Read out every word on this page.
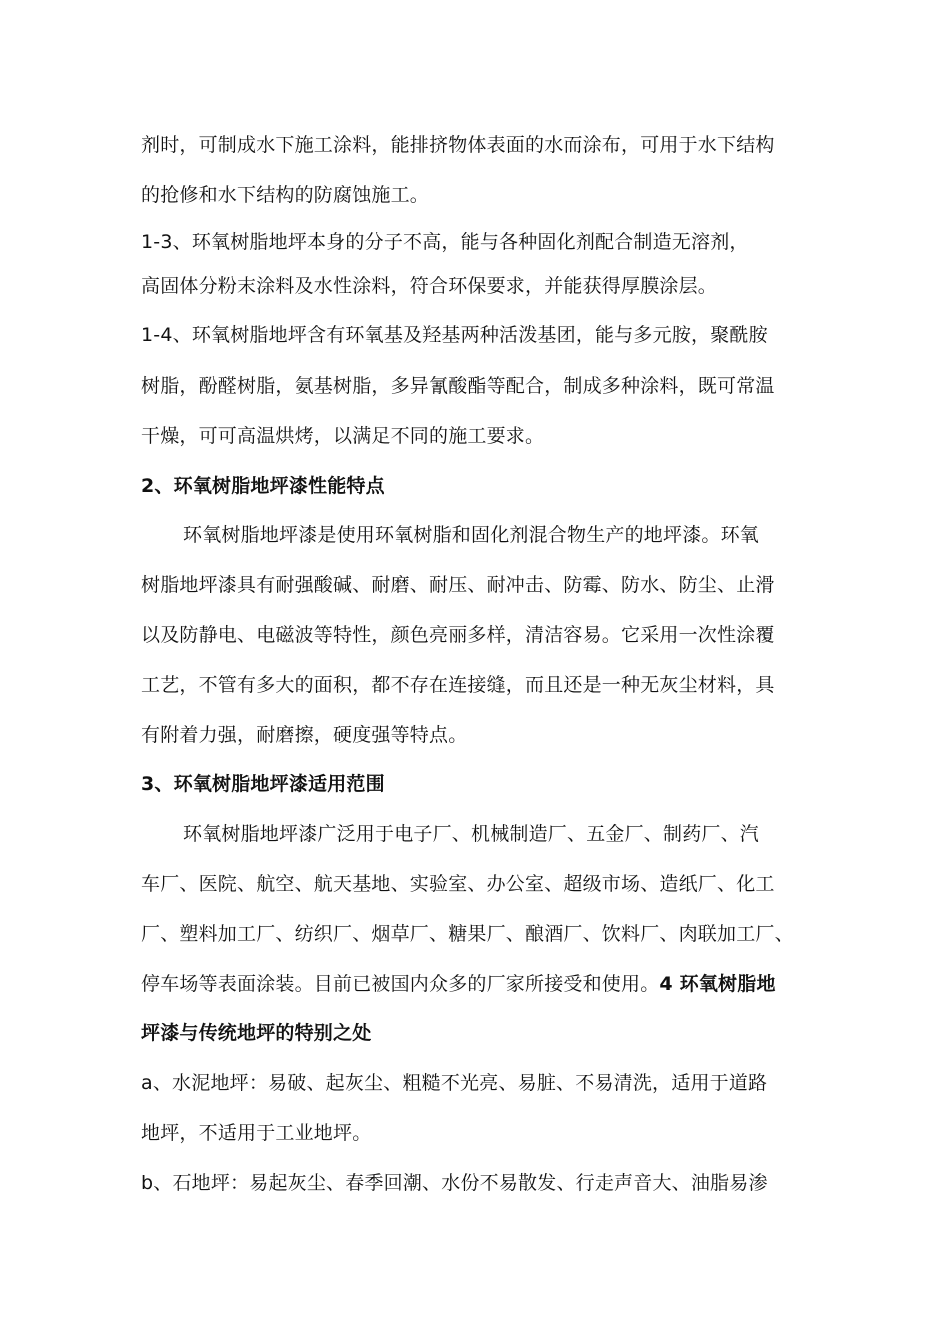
剂时，可制成水下施工涂料，能排挤物体表面的水而涂布，可用于水下结构
的抢修和水下结构的防腐蚀施工。
1-3、环氧树脂地坪本身的分子不高，能与各种固化剂配合制造无溶剂，
高固体分粉末涂料及水性涂料，符合环保要求，并能获得厚膜涂层。
1-4、环氧树脂地坪含有环氧基及羟基两种活泼基团，能与多元胺，聚酰胺
树脂，酚醛树脂，氨基树脂，多异氰酸酯等配合，制成多种涂料，既可常温
干燥，可可高温烘烤，以满足不同的施工要求。
2、环氧树脂地坪漆性能特点
环氧树脂地坪漆是使用环氧树脂和固化剂混合物生产的地坪漆。环氧
树脂地坪漆具有耐强酸碱、耐磨、耐压、耐冲击、防霉、防水、防尘、止滑
以及防静电、电磁波等特性，颜色亮丽多样，清洁容易。它采用一次性涂覆
工艺，不管有多大的面积，都不存在连接缝，而且还是一种无灰尘材料，具
有附着力强，耐磨擦，硬度强等特点。
3、环氧树脂地坪漆适用范围
环氧树脂地坪漆广泛用于电子厂、机械制造厂、五金厂、制药厂、汽
车厂、医院、航空、航天基地、实验室、办公室、超级市场、造纸厂、化工
厂、塑料加工厂、纺织厂、烟草厂、糖果厂、酿酒厂、饮料厂、肉联加工厂、
停车场等表面涂装。目前已被国内众多的厂家所接受和使用。4 环氧树脂地
坪漆与传统地坪的特别之处
a、水泥地坪：易破、起灰尘、粗糙不光亮、易脏、不易清洗，适用于道路
地坪，不适用于工业地坪。
b、石地坪：易起灰尘、春季回潮、水份不易散发、行走声音大、油脂易渗
